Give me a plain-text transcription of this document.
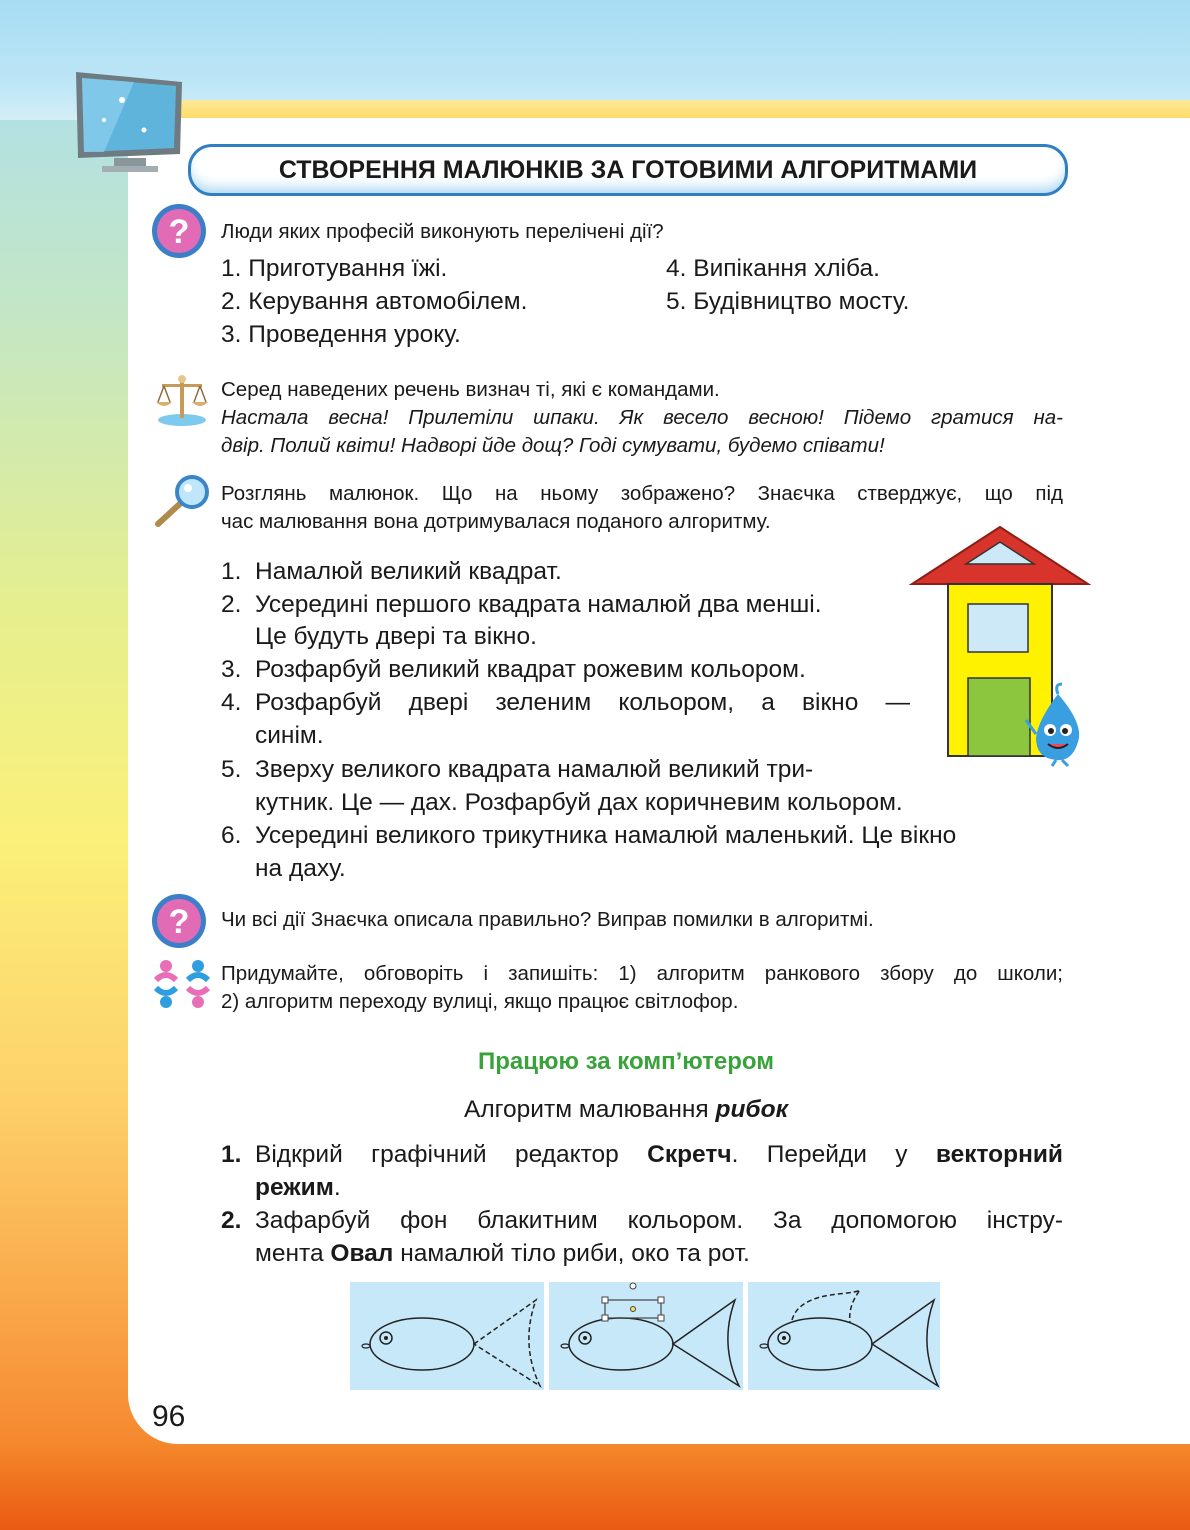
СТВОРЕННЯ МАЛЮНКІВ ЗА ГОТОВИМИ АЛГОРИТМАМИ
? Люди яких професій виконують перелічені дії?
1. Приготування їжі.
2. Керування автомобілем.
3. Проведення уроку.
4. Випікання хліба.
5. Будівництво мосту.
Серед наведених речень визнач ті, які є командами.
Настала весна! Прилетіли шпаки. Як весело весною! Підемо гратися на-
двір. Полий квіти! Надворі йде дощ? Годі сумувати, будемо співати!
Розглянь малюнок. Що на ньому зображено? Знаєчка стверджує, що під
час малювання вона дотримувалася поданого алгоритму.
1. Намалюй великий квадрат.
2. Усередині першого квадрата намалюй два менші.
Це будуть двері та вікно.
3. Розфарбуй великий квадрат рожевим кольором.
4. Розфарбуй двері зеленим кольором, а вікно —
синім.
5. Зверху великого квадрата намалюй великий три-
кутник. Це — дах. Розфарбуй дах коричневим кольором.
6. Усередині великого трикутника намалюй маленький. Це вікно
на даху.
? Чи всі дії Знаєчка описала правильно? Виправ помилки в алгоритмі.
Придумайте, обговоріть і запишіть: 1) алгоритм ранкового збору до школи;
2) алгоритм переходу вулиці, якщо працює світлофор.
Працюю за комп’ютером
Алгоритм малювання рибок
1. Відкрий графічний редактор Скретч. Перейди у векторний
режим.
2. Зафарбуй фон блакитним кольором. За допомогою інстру-
мента Овал намалюй тіло риби, око та рот.
96
